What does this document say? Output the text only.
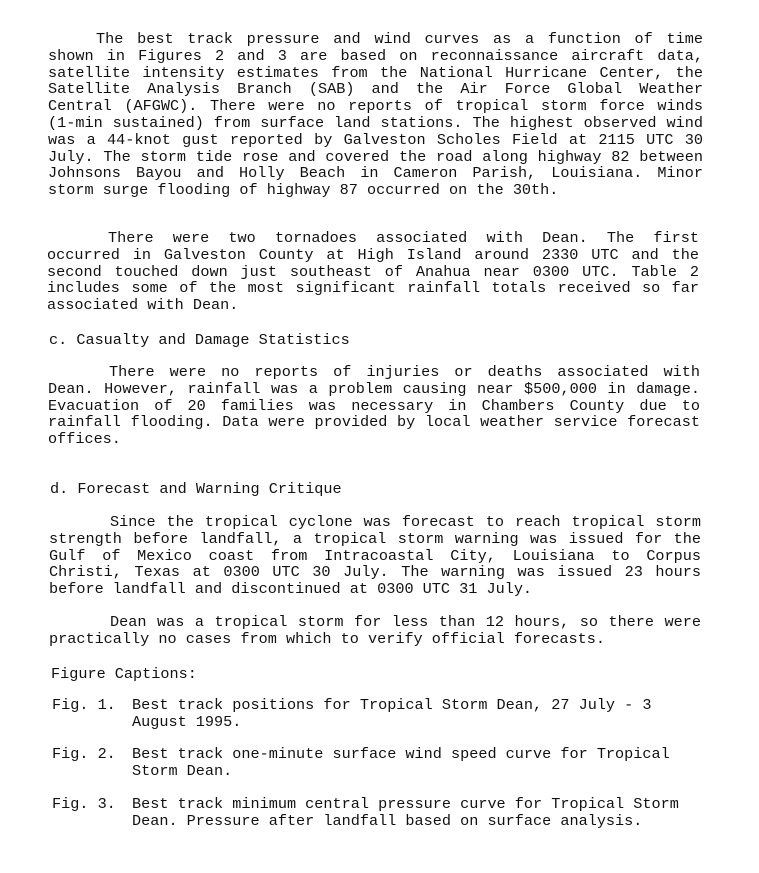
The best track pressure and wind curves as a function of time shown in Figures 2 and 3 are based on reconnaissance aircraft data, satellite intensity estimates from the National Hurricane Center, the Satellite Analysis Branch (SAB) and the Air Force Global Weather Central (AFGWC). There were no reports of tropical storm force winds (1-min sustained) from surface land stations. The highest observed wind was a 44-knot gust reported by Galveston Scholes Field at 2115 UTC 30 July. The storm tide rose and covered the road along highway 82 between Johnsons Bayou and Holly Beach in Cameron Parish, Louisiana. Minor storm surge flooding of highway 87 occurred on the 30th.

There were two tornadoes associated with Dean. The first occurred in Galveston County at High Island around 2330 UTC and the second touched down just southeast of Anahua near 0300 UTC. Table 2 includes some of the most significant rainfall totals received so far associated with Dean.

c. Casualty and Damage Statistics

There were no reports of injuries or deaths associated with Dean. However, rainfall was a problem causing near $500,000 in damage. Evacuation of 20 families was necessary in Chambers County due to rainfall flooding. Data were provided by local weather service forecast offices.

d. Forecast and Warning Critique

Since the tropical cyclone was forecast to reach tropical storm strength before landfall, a tropical storm warning was issued for the Gulf of Mexico coast from Intracoastal City, Louisiana to Corpus Christi, Texas at 0300 UTC 30 July. The warning was issued 23 hours before landfall and discontinued at 0300 UTC 31 July.

Dean was a tropical storm for less than 12 hours, so there were practically no cases from which to verify official forecasts.

Figure Captions:
Fig. 1.	Best track positions for Tropical Storm Dean, 27 July - 3 August 1995.
Fig. 2.	Best track one-minute surface wind speed curve for Tropical Storm Dean.
Fig. 3.	Best track minimum central pressure curve for Tropical Storm Dean. Pressure after landfall based on surface analysis.
